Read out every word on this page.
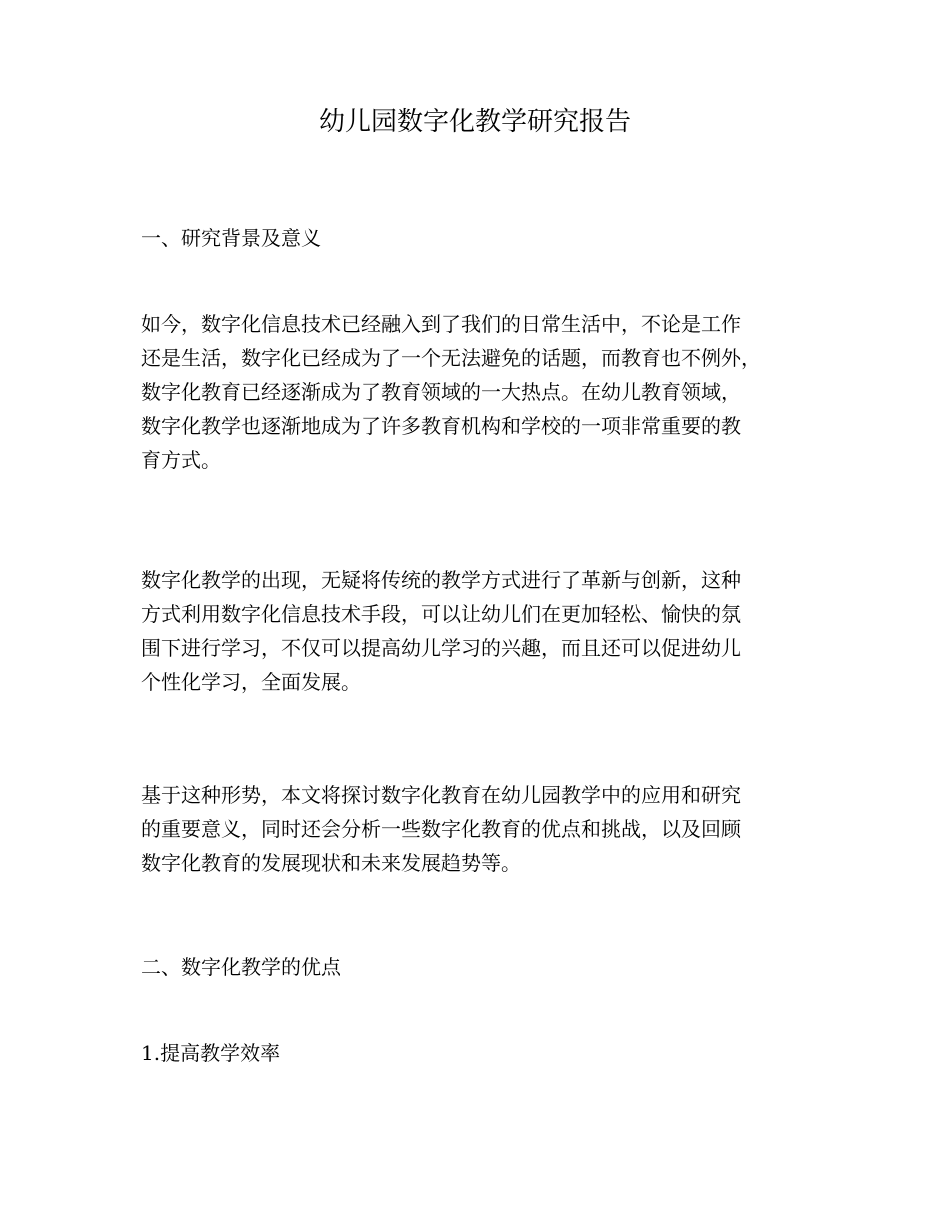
幼儿园数字化教学研究报告
一、研究背景及意义
如今，数字化信息技术已经融入到了我们的日常生活中，不论是工作
还是生活，数字化已经成为了一个无法避免的话题，而教育也不例外，
数字化教育已经逐渐成为了教育领域的一大热点。在幼儿教育领域，
数字化教学也逐渐地成为了许多教育机构和学校的一项非常重要的教
育方式。
数字化教学的出现，无疑将传统的教学方式进行了革新与创新，这种
方式利用数字化信息技术手段，可以让幼儿们在更加轻松、愉快的氛
围下进行学习，不仅可以提高幼儿学习的兴趣，而且还可以促进幼儿
个性化学习，全面发展。
基于这种形势，本文将探讨数字化教育在幼儿园教学中的应用和研究
的重要意义，同时还会分析一些数字化教育的优点和挑战，以及回顾
数字化教育的发展现状和未来发展趋势等。
二、数字化教学的优点
1.提高教学效率
